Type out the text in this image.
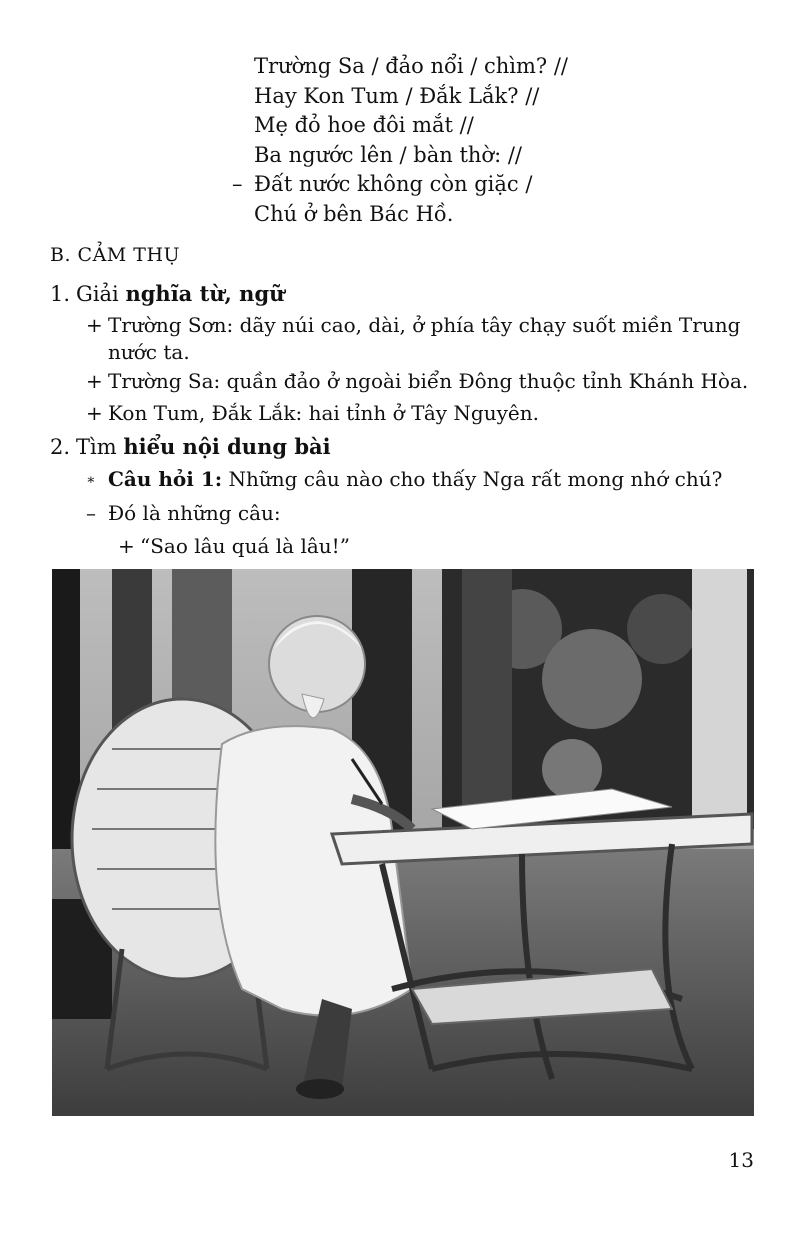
Trường Sa / đảo nổi / chìm? //
Hay Kon Tum / Đắk Lắk? //
Mẹ đỏ hoe đôi mắt //
Ba ngước lên / bàn thờ: //
– Đất nước không còn giặc /
Chú ở bên Bác Hồ.
B. CẢM THỤ
1. Giải nghĩa từ, ngữ
+ Trường Sơn: dãy núi cao, dài, ở phía tây chạy suốt miền Trung
nước ta.
+ Trường Sa: quần đảo ở ngoài biển Đông thuộc tỉnh Khánh Hòa.
+ Kon Tum, Đắk Lắk: hai tỉnh ở Tây Nguyên.
2. Tìm hiểu nội dung bài
∗ Câu hỏi 1: Những câu nào cho thấy Nga rất mong nhớ chú?
– Đó là những câu:
+ “Sao lâu quá là lâu!”
13
